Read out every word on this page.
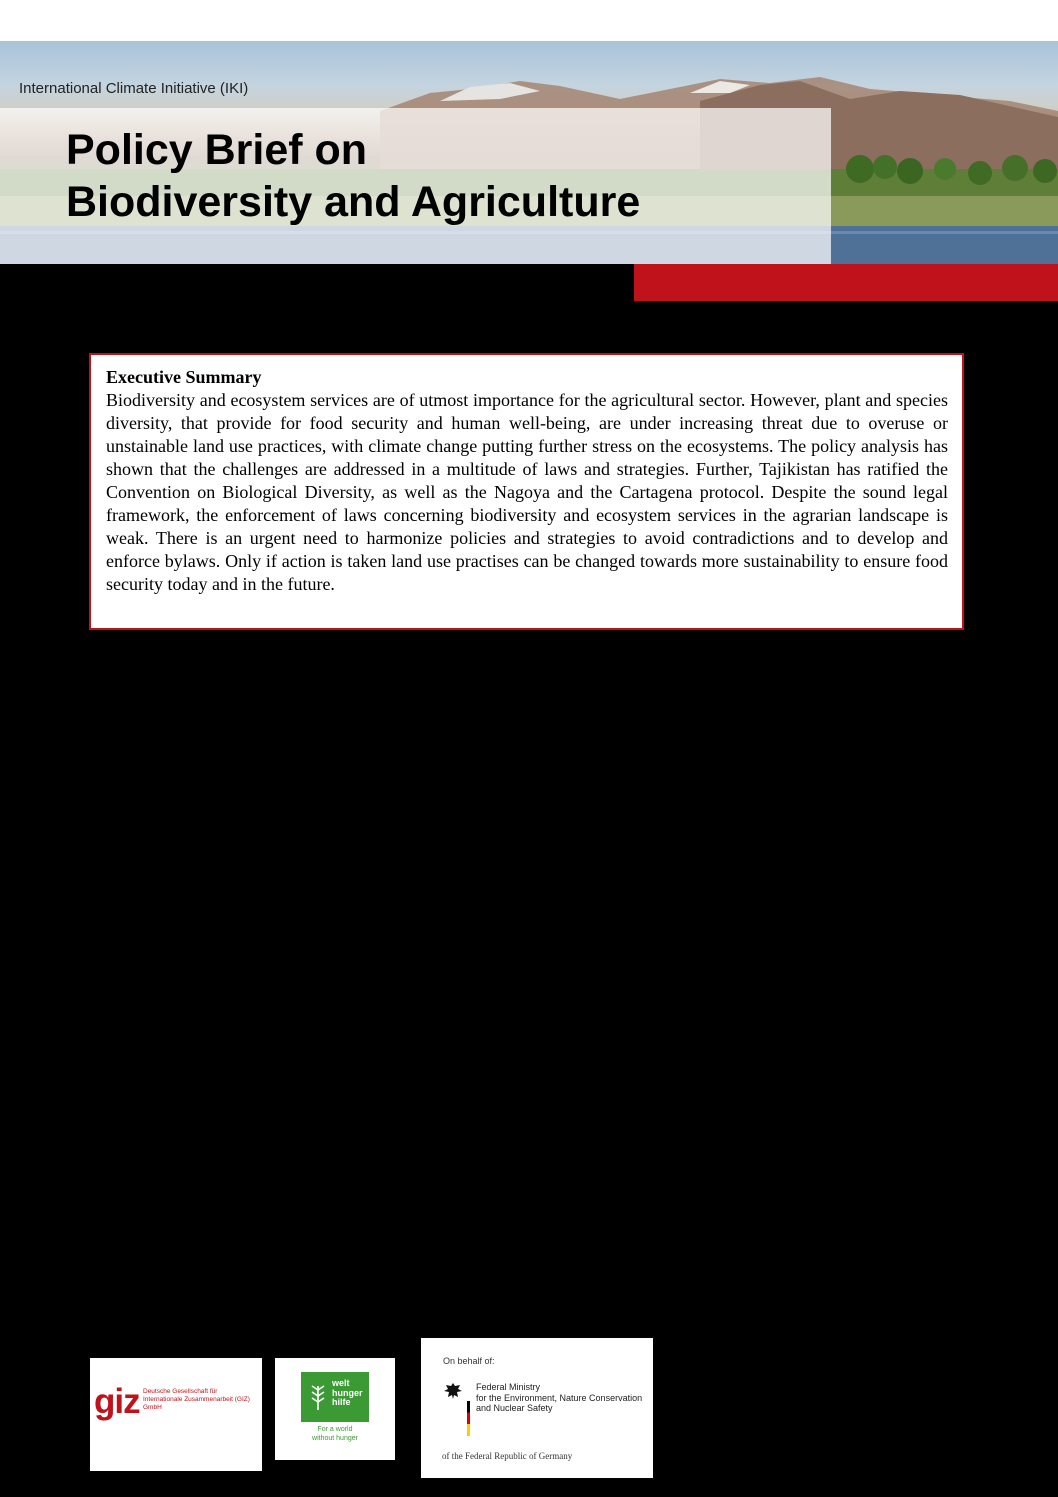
International Climate Initiative (IKI)
Policy Brief on
Biodiversity and Agriculture
Executive Summary
Biodiversity and ecosystem services are of utmost importance for the agricultural sector. However, plant and species diversity, that provide for food security and human well-being, are under increasing threat due to overuse or unstainable land use practices, with climate change putting further stress on the ecosystems. The policy analysis has shown that the challenges are addressed in a multitude of laws and strategies. Further, Tajikistan has ratified the Convention on Biological Diversity, as well as the Nagoya and the Cartagena protocol. Despite the sound legal framework, the enforcement of laws concerning biodiversity and ecosystem services in the agrarian landscape is weak. There is an urgent need to harmonize policies and strategies to avoid contradictions and to develop and enforce bylaws. Only if action is taken land use practises can be changed towards more sustainability to ensure food security today and in the future.
giz Deutsche Gesellschaft für Internationale Zusammenarbeit (GIZ) GmbH
welt
hunger
hilfe
For a world
without hunger
On behalf of:
Federal Ministry
for the Environment, Nature Conservation
and Nuclear Safety
of the Federal Republic of Germany
